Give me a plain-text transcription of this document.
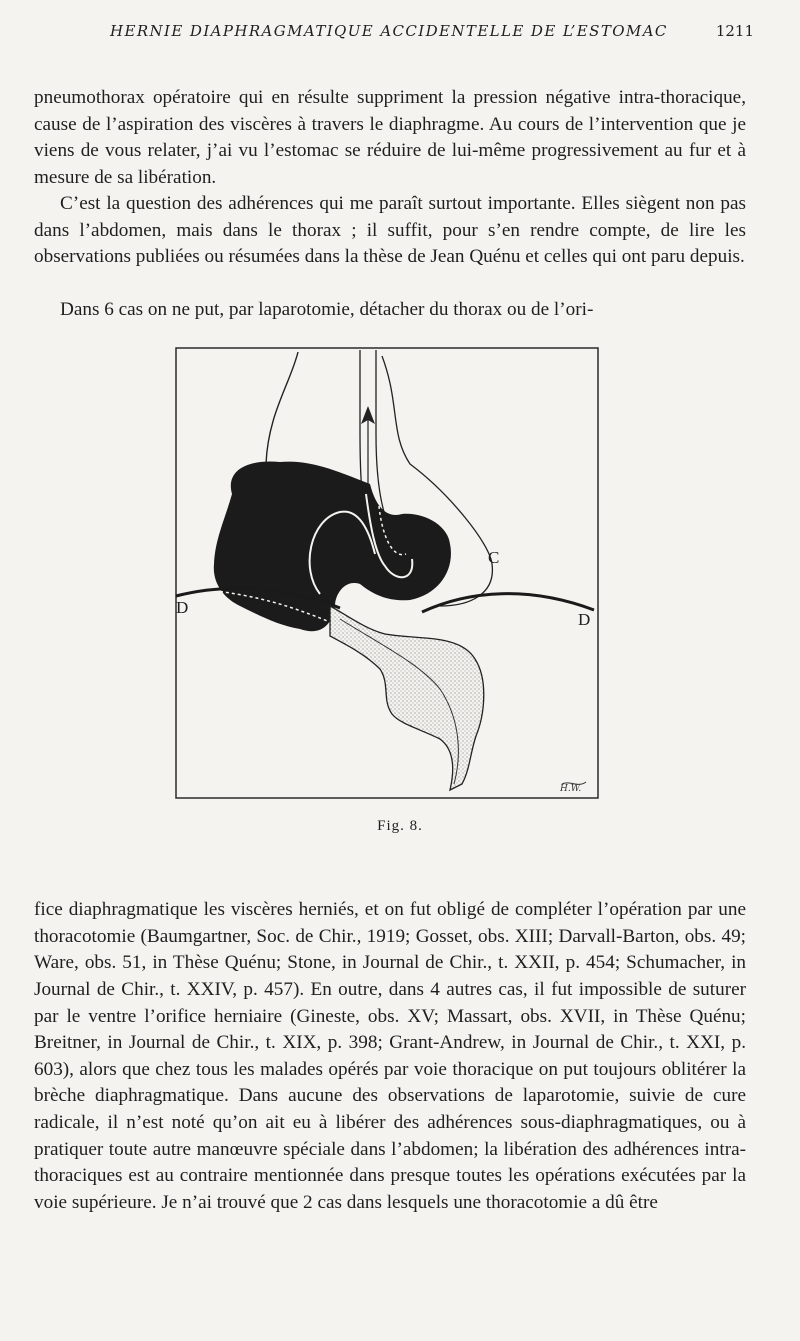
HERNIE DIAPHRAGMATIQUE ACCIDENTELLE DE L’ESTOMAC	1211

pneumothorax opératoire qui en résulte suppriment la pression négative intra-thoracique, cause de l’aspiration des viscères à travers le diaphragme. Au cours de l’intervention que je viens de vous relater, j’ai vu l’estomac se réduire de lui-même progressivement au fur et à mesure de sa libération.

C’est la question des adhérences qui me paraît surtout importante. Elles siègent non pas dans l’abdomen, mais dans le thorax ; il suffit, pour s’en rendre compte, de lire les observations publiées ou résumées dans la thèse de Jean Quénu et celles qui ont paru depuis.

Dans 6 cas on ne put, par laparotomie, détacher du thorax ou de l’ori-

C
D
D
H.W.
Fig. 8.

fice diaphragmatique les viscères herniés, et on fut obligé de compléter l’opération par une thoracotomie (Baumgartner, Soc. de Chir., 1919; Gosset, obs. XIII; Darvall-Barton, obs. 49; Ware, obs. 51, in Thèse Quénu; Stone, in Journal de Chir., t. XXII, p. 454; Schumacher, in Journal de Chir., t. XXIV, p. 457). En outre, dans 4 autres cas, il fut impossible de suturer par le ventre l’orifice herniaire (Gineste, obs. XV; Massart, obs. XVII, in Thèse Quénu; Breitner, in Journal de Chir., t. XIX, p. 398; Grant-Andrew, in Journal de Chir., t. XXI, p. 603), alors que chez tous les malades opérés par voie thoracique on put toujours oblitérer la brèche diaphragmatique. Dans aucune des observations de laparotomie, suivie de cure radicale, il n’est noté qu’on ait eu à libérer des adhérences sous-diaphragmatiques, ou à pratiquer toute autre manœuvre spéciale dans l’abdomen; la libération des adhérences intra-thoraciques est au contraire mentionnée dans presque toutes les opérations exécutées par la voie supérieure. Je n’ai trouvé que 2 cas dans lesquels une thoracotomie a dû être
